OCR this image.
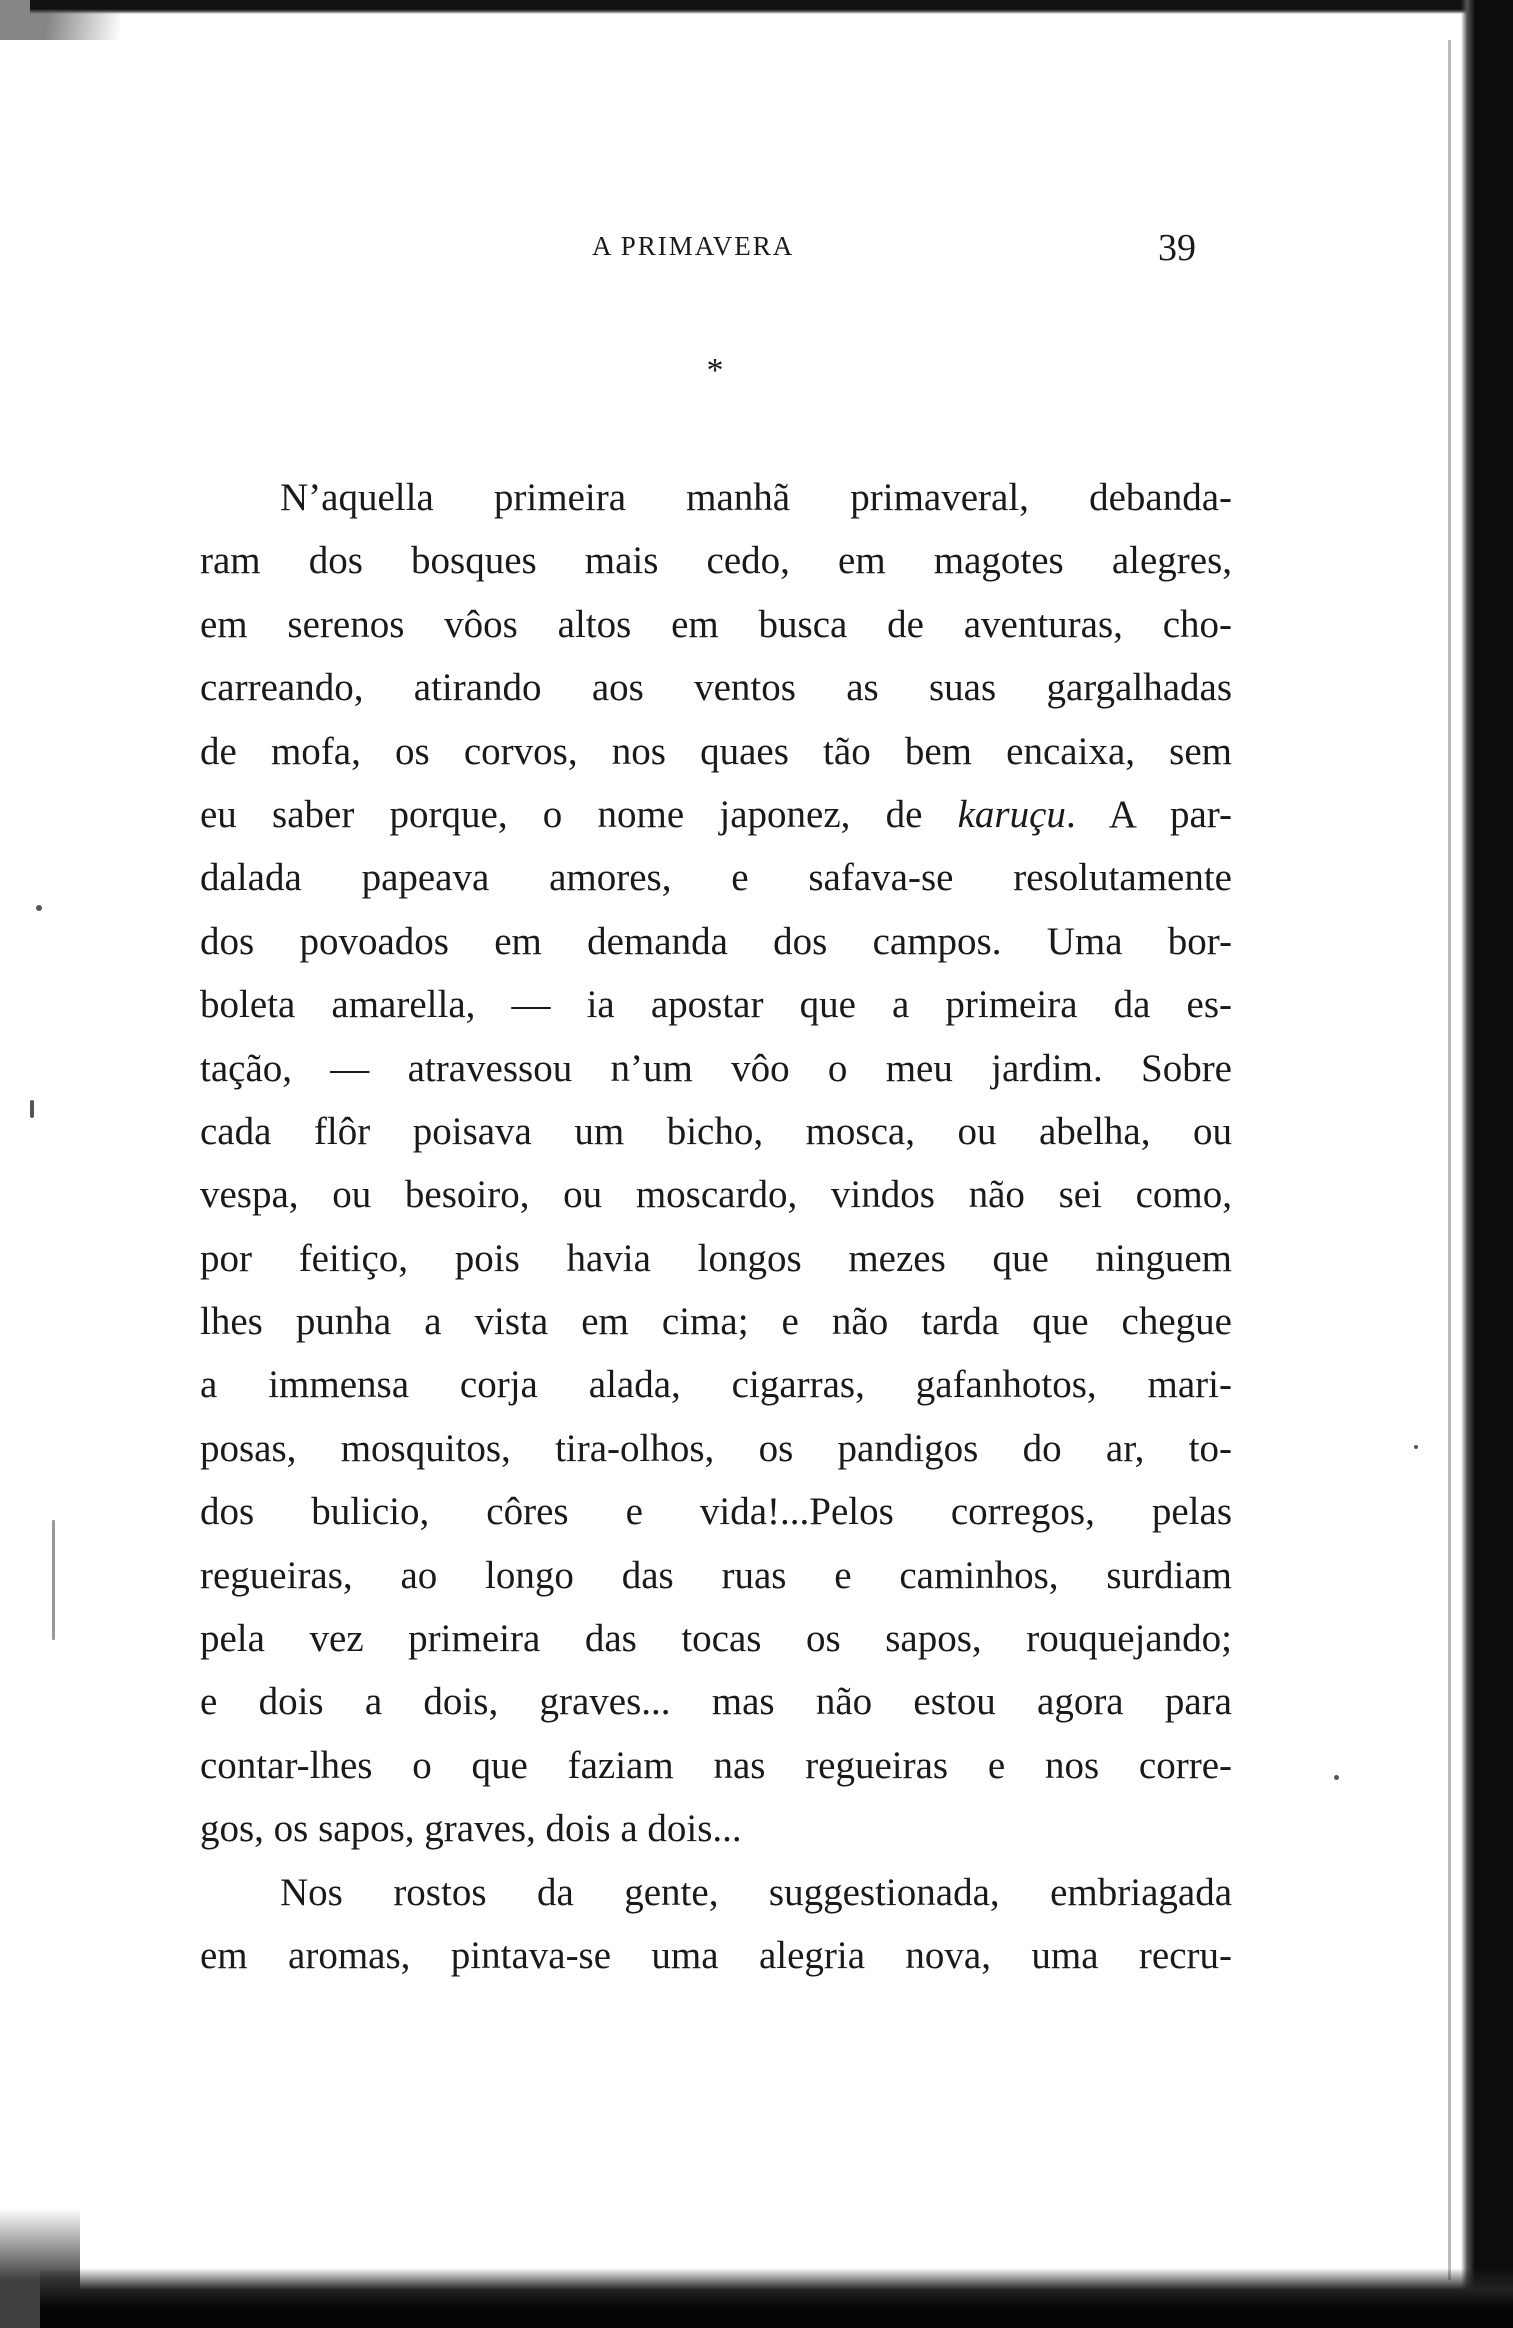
A PRIMAVERA	39
*
N’aquella primeira manhã primaveral, debanda-
ram dos bosques mais cedo, em magotes alegres,
em serenos vôos altos em busca de aventuras, cho-
carreando, atirando aos ventos as suas gargalhadas
de mofa, os corvos, nos quaes tão bem encaixa, sem
eu saber porque, o nome japonez, de karuçu. A par-
dalada papeava amores, e safava-se resolutamente
dos povoados em demanda dos campos. Uma bor-
boleta amarella, — ia apostar que a primeira da es-
tação, — atravessou n’um vôo o meu jardim. Sobre
cada flôr poisava um bicho, mosca, ou abelha, ou
vespa, ou besoiro, ou moscardo, vindos não sei como,
por feitiço, pois havia longos mezes que ninguem
lhes punha a vista em cima; e não tarda que chegue
a immensa corja alada, cigarras, gafanhotos, mari-
posas, mosquitos, tira-olhos, os pandigos do ar, to-
dos bulicio, côres e vida!...Pelos corregos, pelas
regueiras, ao longo das ruas e caminhos, surdiam
pela vez primeira das tocas os sapos, rouquejando;
e dois a dois, graves... mas não estou agora para
contar-lhes o que faziam nas regueiras e nos corre-
gos, os sapos, graves, dois a dois...
Nos rostos da gente, suggestionada, embriagada
em aromas, pintava-se uma alegria nova, uma recru-
